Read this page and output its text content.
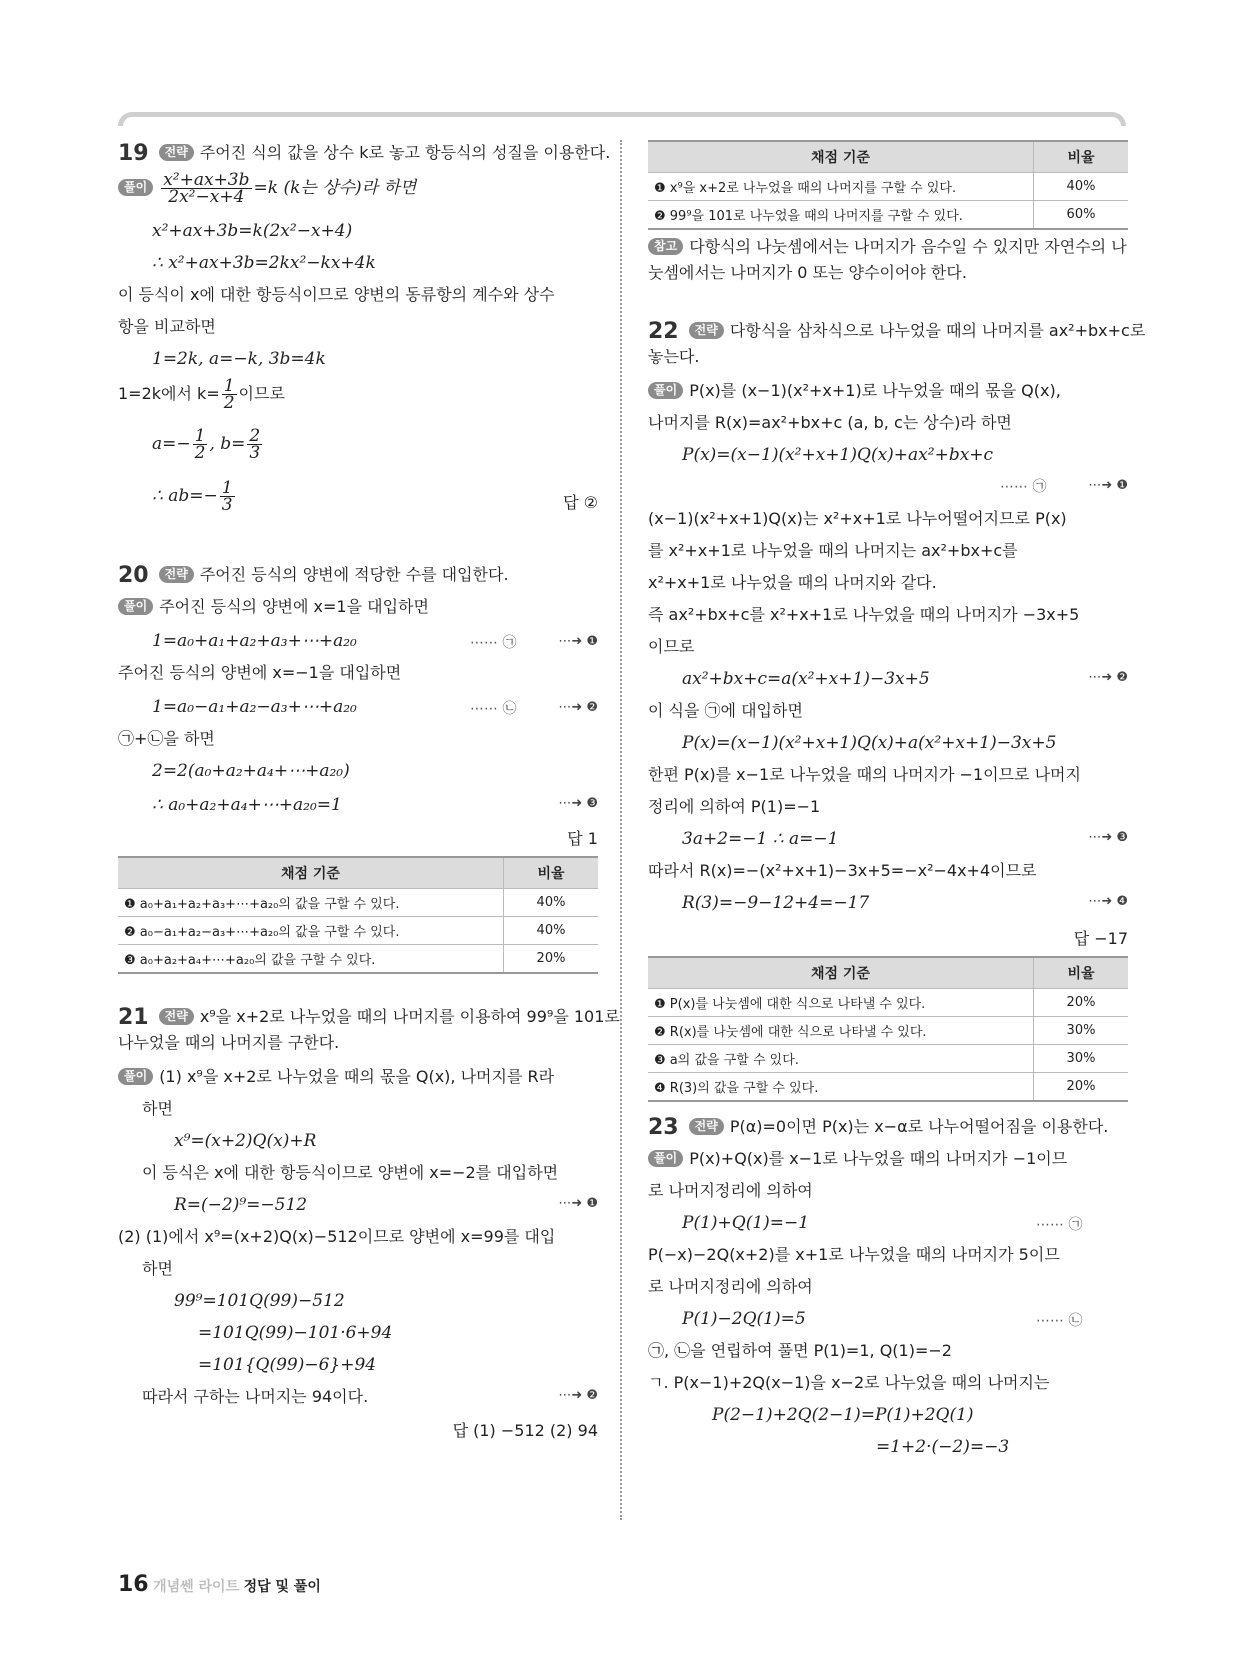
19 전략 주어진 식의 값을 상수 k로 놓고 항등식의 성질을 이용한다.
풀이 $\frac{\text{x²+ax+3b}}{\text{2x²−x+4}} =k$ (k는 상수)라 하면
x²+ax+3b=k(2x²−x+4)
∴ x²+ax+3b=2kx²−kx+4k
이 등식이 x에 대한 항등식이므로 양변의 동류항의 계수와 상수
항을 비교하면
1=2k, a=−k, 3b=4k
1=2k에서 $k= \frac{1}{2}$ 이므로
$a=- \frac{1}{2}$ , $b= \frac{2}{3}$
∴ $ab=- \frac{1}{3}$	답 ②
20 전략 주어진 등식의 양변에 적당한 수를 대입한다.
풀이 주어진 등식의 양변에 x=1을 대입하면
1=a₀+a₁+a₂+a₃+⋯+a₂₀	⋯⋯ ㉠	⋯➜ ❶
주어진 등식의 양변에 x=−1을 대입하면
1=a₀−a₁+a₂−a₃+⋯+a₂₀	⋯⋯ ㉡	⋯➜ ❷
㉠+㉡을 하면
2=2(a₀+a₂+a₄+⋯+a₂₀)
∴ a₀+a₂+a₄+⋯+a₂₀=1	⋯➜ ❸
답 1
채점 기준	비율
❶ a₀+a₁+a₂+a₃+⋯+a₂₀의 값을 구할 수 있다.	40%
❷ a₀−a₁+a₂−a₃+⋯+a₂₀의 값을 구할 수 있다.	40%
❸ a₀+a₂+a₄+⋯+a₂₀의 값을 구할 수 있다.	20%
21 전략 x⁹을 x+2로 나누었을 때의 나머지를 이용하여 99⁹을 101로
나누었을 때의 나머지를 구한다.
풀이 (1) x⁹을 x+2로 나누었을 때의 몫을 Q(x), 나머지를 R라
하면
x⁹=(x+2)Q(x)+R
이 등식은 x에 대한 항등식이므로 양변에 x=−2를 대입하면
R=(−2)⁹=−512	⋯➜ ❶
(2) (1)에서 x⁹=(x+2)Q(x)−512이므로 양변에 x=99를 대입
하면
99⁹=101Q(99)−512
=101Q(99)−101·6+94
=101{Q(99)−6}+94
따라서 구하는 나머지는 94이다.	⋯➜ ❷
답 (1) −512 (2) 94
채점 기준	비율
❶ x⁹을 x+2로 나누었을 때의 나머지를 구할 수 있다.	40%
❷ 99⁹을 101로 나누었을 때의 나머지를 구할 수 있다.	60%
참고 다항식의 나눗셈에서는 나머지가 음수일 수 있지만 자연수의 나
눗셈에서는 나머지가 0 또는 양수이어야 한다.
22 전략 다항식을 삼차식으로 나누었을 때의 나머지를 ax²+bx+c로
놓는다.
풀이 P(x)를 (x−1)(x²+x+1)로 나누었을 때의 몫을 Q(x),
나머지를 R(x)=ax²+bx+c (a, b, c는 상수)라 하면
P(x)=(x−1)(x²+x+1)Q(x)+ax²+bx+c
⋯⋯ ㉠	⋯➜ ❶
(x−1)(x²+x+1)Q(x)는 x²+x+1로 나누어떨어지므로 P(x)
를 x²+x+1로 나누었을 때의 나머지는 ax²+bx+c를
x²+x+1로 나누었을 때의 나머지와 같다.
즉 ax²+bx+c를 x²+x+1로 나누었을 때의 나머지가 −3x+5
이므로
ax²+bx+c=a(x²+x+1)−3x+5	⋯➜ ❷
이 식을 ㉠에 대입하면
P(x)=(x−1)(x²+x+1)Q(x)+a(x²+x+1)−3x+5
한편 P(x)를 x−1로 나누었을 때의 나머지가 −1이므로 나머지
정리에 의하여 P(1)=−1
3a+2=−1 ∴ a=−1	⋯➜ ❸
따라서 R(x)=−(x²+x+1)−3x+5=−x²−4x+4이므로
R(3)=−9−12+4=−17	⋯➜ ❹
답 −17
채점 기준	비율
❶ P(x)를 나눗셈에 대한 식으로 나타낼 수 있다.	20%
❷ R(x)를 나눗셈에 대한 식으로 나타낼 수 있다.	30%
❸ a의 값을 구할 수 있다.	30%
❹ R(3)의 값을 구할 수 있다.	20%
23 전략 P(α)=0이면 P(x)는 x−α로 나누어떨어짐을 이용한다.
풀이 P(x)+Q(x)를 x−1로 나누었을 때의 나머지가 −1이므
로 나머지정리에 의하여
P(1)+Q(1)=−1	⋯⋯ ㉠
P(−x)−2Q(x+2)를 x+1로 나누었을 때의 나머지가 5이므
로 나머지정리에 의하여
P(1)−2Q(1)=5	⋯⋯ ㉡
㉠, ㉡을 연립하여 풀면 P(1)=1, Q(1)=−2
ㄱ. P(x−1)+2Q(x−1)을 x−2로 나누었을 때의 나머지는
P(2−1)+2Q(2−1)=P(1)+2Q(1)
=1+2·(−2)=−3
16 개념쎈 라이트 정답 및 풀이
